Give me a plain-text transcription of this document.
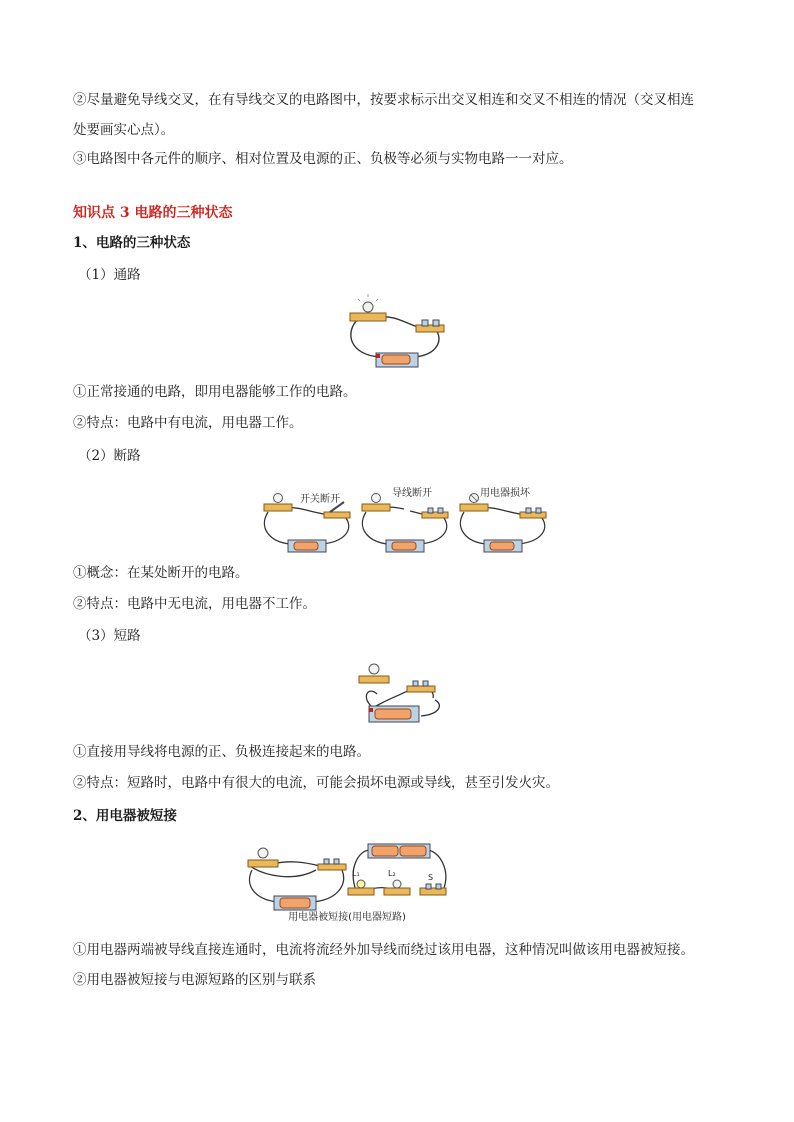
②尽量避免导线交叉，在有导线交叉的电路图中，按要求标示出交叉相连和交叉不相连的情况（交叉相连
处要画实心点）。
③电路图中各元件的顺序、相对位置及电源的正、负极等必须与实物电路一一对应。
知识点 3 电路的三种状态
1、电路的三种状态
（1）通路
①正常接通的电路，即用电器能够工作的电路。
②特点：电路中有电流，用电器工作。
（2）断路
开关断开
导线断开	用电器损坏
①概念：在某处断开的电路。
②特点：电路中无电流，用电器不工作。
（3）短路
①直接用导线将电源的正、负极连接起来的电路。
②特点：短路时，电路中有很大的电流，可能会损坏电源或导线，甚至引发火灾。
2、用电器被短接
L₁	L₂	S
用电器被短接(用电器短路)
①用电器两端被导线直接连通时，电流将流经外加导线而绕过该用电器，这种情况叫做该用电器被短接。
②用电器被短接与电源短路的区别与联系
